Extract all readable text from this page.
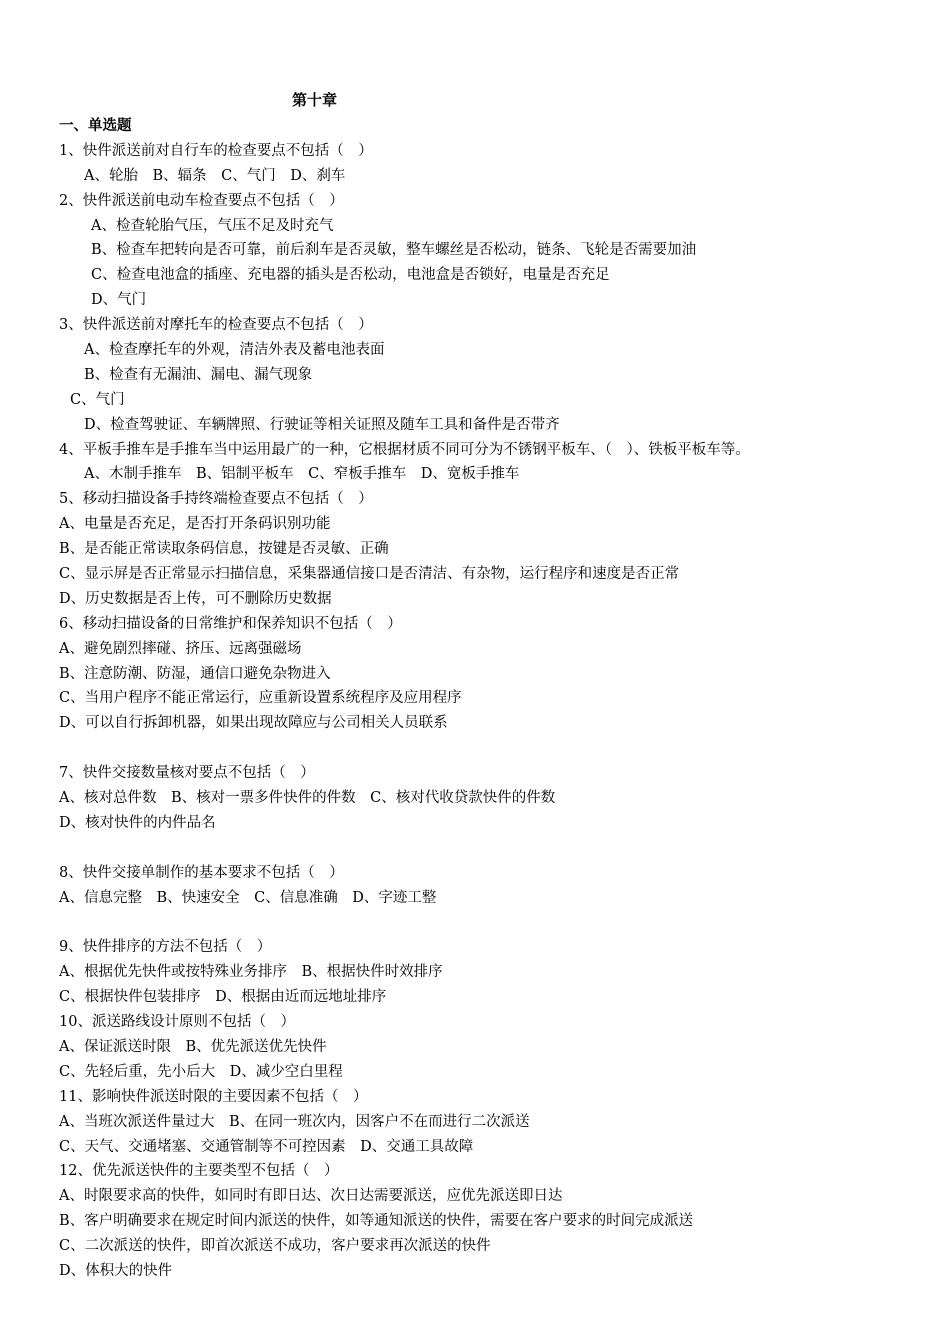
第十章
一、单选题
1、快件派送前对自行车的检查要点不包括（　）
A、轮胎　B、辐条　C、气门　D、刹车
2、快件派送前电动车检查要点不包括（　）
A、检查轮胎气压，气压不足及时充气
B、检查车把转向是否可靠，前后刹车是否灵敏，整车螺丝是否松动，链条、飞轮是否需要加油
C、检查电池盒的插座、充电器的插头是否松动，电池盒是否锁好，电量是否充足
D、气门
3、快件派送前对摩托车的检查要点不包括（　）
A、检查摩托车的外观，清洁外表及蓄电池表面
B、检查有无漏油、漏电、漏气现象
C、气门
D、检查驾驶证、车辆牌照、行驶证等相关证照及随车工具和备件是否带齐
4、平板手推车是手推车当中运用最广的一种，它根据材质不同可分为不锈钢平板车、（　）、铁板平板车等。
A、木制手推车　B、铝制平板车　C、窄板手推车　D、宽板手推车
5、移动扫描设备手持终端检查要点不包括（　）
A、电量是否充足，是否打开条码识别功能
B、是否能正常读取条码信息，按键是否灵敏、正确
C、显示屏是否正常显示扫描信息，采集器通信接口是否清洁、有杂物，运行程序和速度是否正常
D、历史数据是否上传，可不删除历史数据
6、移动扫描设备的日常维护和保养知识不包括（　）
A、避免剧烈摔碰、挤压、远离强磁场
B、注意防潮、防湿，通信口避免杂物进入
C、当用户程序不能正常运行，应重新设置系统程序及应用程序
D、可以自行拆卸机器，如果出现故障应与公司相关人员联系
7、快件交接数量核对要点不包括（　）
A、核对总件数　B、核对一票多件快件的件数　C、核对代收贷款快件的件数
D、核对快件的内件品名
8、快件交接单制作的基本要求不包括（　）
A、信息完整　B、快速安全　C、信息准确　D、字迹工整
9、快件排序的方法不包括（　）
A、根据优先快件或按特殊业务排序　B、根据快件时效排序
C、根据快件包装排序　D、根据由近而远地址排序
10、派送路线设计原则不包括（　）
A、保证派送时限　B、优先派送优先快件
C、先轻后重，先小后大　D、减少空白里程
11、影响快件派送时限的主要因素不包括（　）
A、当班次派送件量过大　B、在同一班次内，因客户不在而进行二次派送
C、天气、交通堵塞、交通管制等不可控因素　D、交通工具故障
12、优先派送快件的主要类型不包括（　）
A、时限要求高的快件，如同时有即日达、次日达需要派送，应优先派送即日达
B、客户明确要求在规定时间内派送的快件，如等通知派送的快件，需要在客户要求的时间完成派送
C、二次派送的快件，即首次派送不成功，客户要求再次派送的快件
D、体积大的快件
